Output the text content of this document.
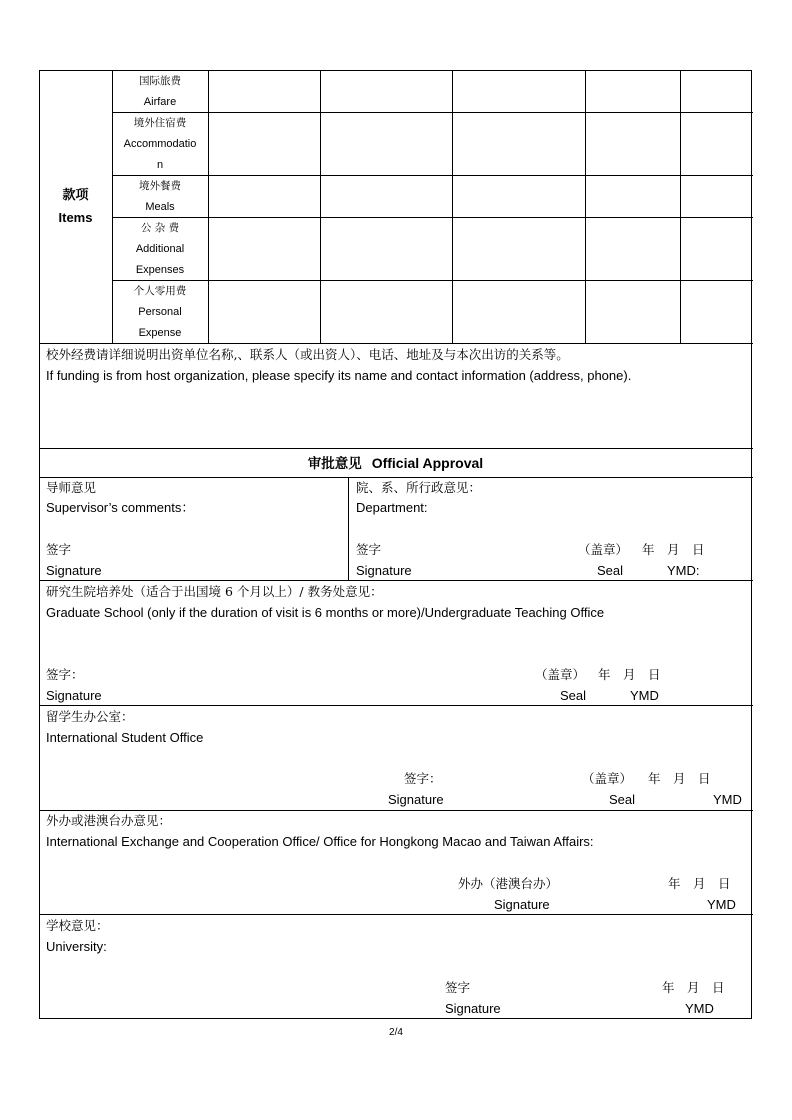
款项
Items
国际旅费
Airfare
境外住宿费
Accommodatio
n
境外餐费
Meals
公 杂 费
Additional
Expenses
个人零用费
Personal
Expense
校外经费请详细说明出资单位名称,、联系人（或出资人）、电话、地址及与本次出访的关系等。
If funding is from host organization, please specify its name and contact information (address, phone).
审批意见 Official Approval
导师意见
Supervisor’s comments：
签字
Signature
院、系、所行政意见：
Department:
签字
Signature
（盖章）
Seal
年　月　日
YMD:
研究生院培养处（适合于出国境 6 个月以上）/ 教务处意见：
Graduate School (only if the duration of visit is 6 months or more)/Undergraduate Teaching Office
签字：
Signature
（盖章）
Seal
年　月　日
YMD
留学生办公室：
International Student Office
签字：
Signature
（盖章）
Seal
年　月　日
YMD
外办或港澳台办意见：
International Exchange and Cooperation Office/ Office for Hongkong Macao and Taiwan Affairs:
外办（港澳台办）
Signature
年　月　日
YMD
学校意见：
University:
签字
Signature
年　月　日
YMD
2/4
